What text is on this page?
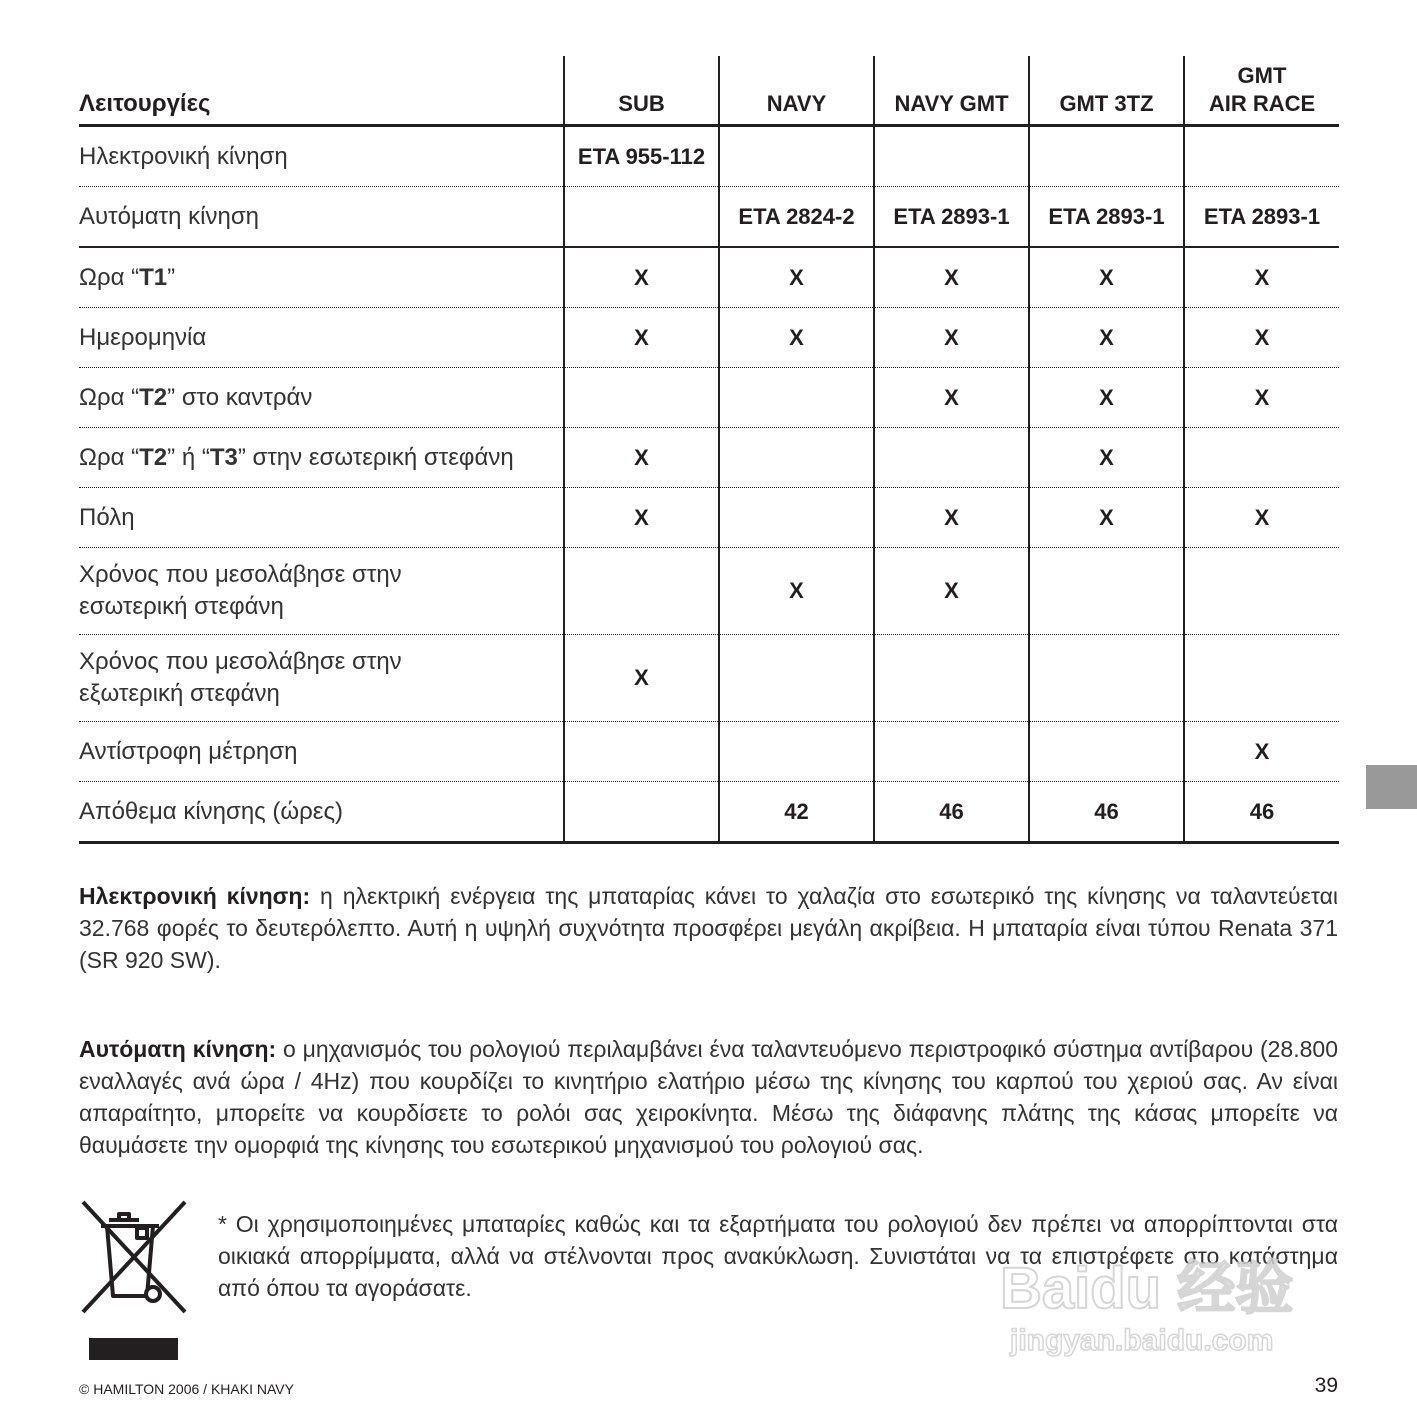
Λειτουργίες	SUB	NAVY	NAVY GMT	GMT 3TZ	GMT
AIR RACE
Ηλεκτρονική κίνηση	ETA 955-112				
Αυτόματη κίνηση		ETA 2824-2	ETA 2893-1	ETA 2893-1	ETA 2893-1
Ωρα “T1”	X	X	X	X	X
Ημερομηνία	X	X	X	X	X
Ωρα “T2” στο καντράν			X	X	X
Ωρα “T2” ή “T3” στην εσωτερική στεφάνη	X			X	
Πόλη	X		X	X	X
Χρόνος που μεσολάβησε στην
εσωτερική στεφάνη		X	X		
Χρόνος που μεσολάβησε στην
εξωτερική στεφάνη	X				
Αντίστροφη μέτρηση					X
Απόθεμα κίνησης (ώρες)		42	46	46	46

Ηλεκτρονική κίνηση: η ηλεκτρική ενέργεια της μπαταρίας κάνει το χαλαζία στο εσωτερικό της κίνησης να ταλαντεύεται 32.768 φορές το δευτερόλεπτο. Αυτή η υψηλή συχνότητα προσφέρει μεγάλη ακρίβεια. Η μπαταρία είναι τύπου Renata 371 (SR 920 SW).

Αυτόματη κίνηση: ο μηχανισμός του ρολογιού περιλαμβάνει ένα ταλαντευόμενο περιστροφικό σύστημα αντίβαρου (28.800 εναλλαγές ανά ώρα / 4Hz) που κουρδίζει το κινητήριο ελατήριο μέσω της κίνησης του καρπού του χεριού σας. Αν είναι απαραίτητο, μπορείτε να κουρδίσετε το ρολόι σας χειροκίνητα. Μέσω της διάφανης πλάτης της κάσας μπορείτε να θαυμάσετε την ομορφιά της κίνησης του εσωτερικού μηχανισμού του ρολογιού σας.

* Οι χρησιμοποιημένες μπαταρίες καθώς και τα εξαρτήματα του ρολογιού δεν πρέπει να απορρίπτονται στα οικιακά απορρίμματα, αλλά να στέλνονται προς ανακύκλωση. Συνιστάται να τα επιστρέφετε στο κατάστημα από όπου τα αγοράσατε.	Baidu 经验
jingyan.baidu.com
© HAMILTON 2006 / KHAKI NAVY	39
